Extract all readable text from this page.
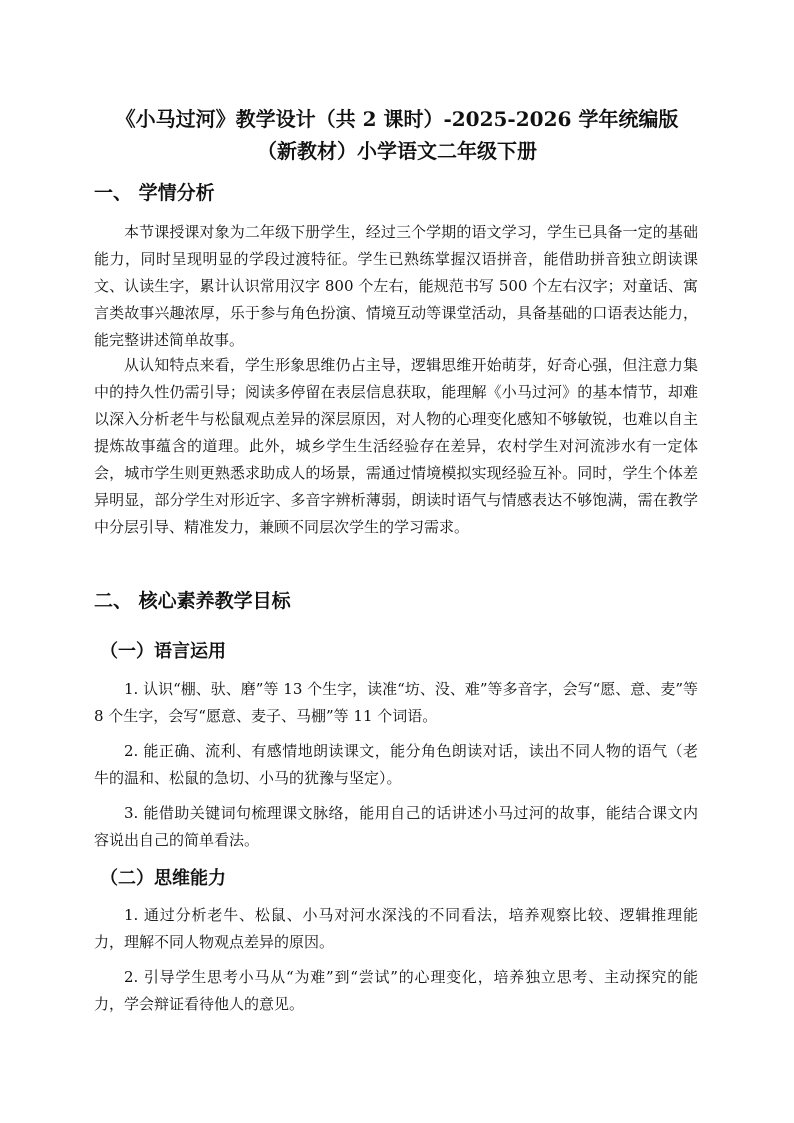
《小马过河》教学设计（共 2 课时）-2025-2026 学年统编版（新教材）小学语文二年级下册
一、 学情分析

本节课授课对象为二年级下册学生，经过三个学期的语文学习，学生已具备一定的基础能力，同时呈现明显的学段过渡特征。学生已熟练掌握汉语拼音，能借助拼音独立朗读课文、认读生字，累计认识常用汉字 800 个左右，能规范书写 500 个左右汉字；对童话、寓言类故事兴趣浓厚，乐于参与角色扮演、情境互动等课堂活动，具备基础的口语表达能力，能完整讲述简单故事。

从认知特点来看，学生形象思维仍占主导，逻辑思维开始萌芽，好奇心强，但注意力集中的持久性仍需引导；阅读多停留在表层信息获取，能理解《小马过河》的基本情节，却难以深入分析老牛与松鼠观点差异的深层原因，对人物的心理变化感知不够敏锐，也难以自主提炼故事蕴含的道理。此外，城乡学生生活经验存在差异，农村学生对河流涉水有一定体会，城市学生则更熟悉求助成人的场景，需通过情境模拟实现经验互补。同时，学生个体差异明显，部分学生对形近字、多音字辨析薄弱，朗读时语气与情感表达不够饱满，需在教学中分层引导、精准发力，兼顾不同层次学生的学习需求。

二、 核心素养教学目标
（一）语言运用

1. 认识“棚、驮、磨”等 13 个生字，读准“坊、没、难”等多音字，会写“愿、意、麦”等 8 个生字，会写“愿意、麦子、马棚”等 11 个词语。

2. 能正确、流利、有感情地朗读课文，能分角色朗读对话，读出不同人物的语气（老牛的温和、松鼠的急切、小马的犹豫与坚定）。

3. 能借助关键词句梳理课文脉络，能用自己的话讲述小马过河的故事，能结合课文内容说出自己的简单看法。

（二）思维能力

1. 通过分析老牛、松鼠、小马对河水深浅的不同看法，培养观察比较、逻辑推理能力，理解不同人物观点差异的原因。

2. 引导学生思考小马从“为难”到“尝试”的心理变化，培养独立思考、主动探究的能力，学会辩证看待他人的意见。
